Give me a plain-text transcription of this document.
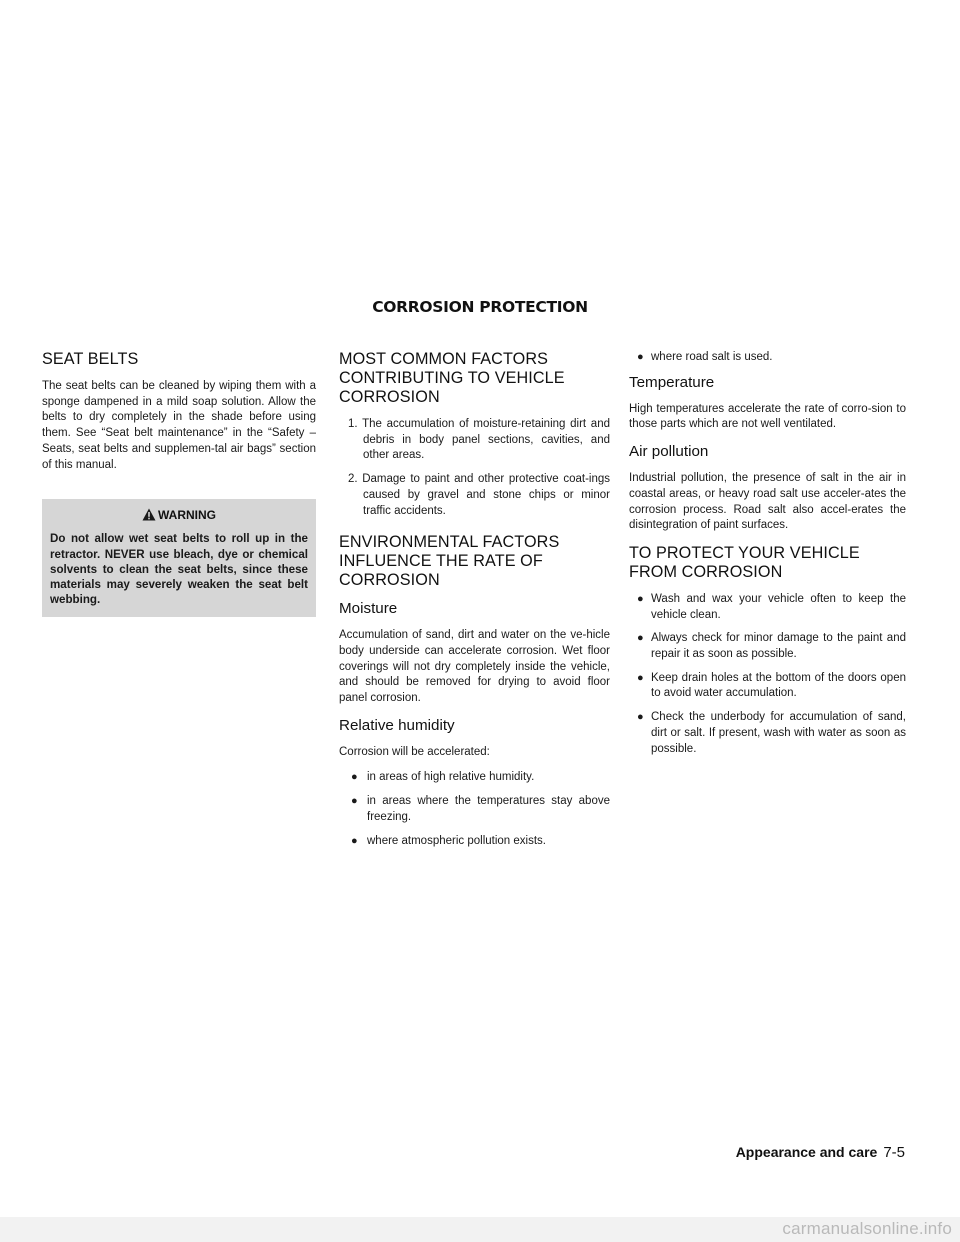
CORROSION PROTECTION
SEAT BELTS

The seat belts can be cleaned by wiping them with a sponge dampened in a mild soap solution. Allow the belts to dry completely in the shade before using them. See “Seat belt maintenance” in the “Safety – Seats, seat belts and supplemen-tal air bags” section of this manual.

WARNING
Do not allow wet seat belts to roll up in the retractor. NEVER use bleach, dye or chemical solvents to clean the seat belts, since these materials may severely weaken the seat belt webbing.
MOST COMMON FACTORS CONTRIBUTING TO VEHICLE CORROSION
1. The accumulation of moisture-retaining dirt and debris in body panel sections, cavities, and other areas.
2. Damage to paint and other protective coat-ings caused by gravel and stone chips or minor traffic accidents.
ENVIRONMENTAL FACTORS INFLUENCE THE RATE OF CORROSION
Moisture

Accumulation of sand, dirt and water on the ve-hicle body underside can accelerate corrosion. Wet floor coverings will not dry completely inside the vehicle, and should be removed for drying to avoid floor panel corrosion.

Relative humidity

Corrosion will be accelerated:

● in areas of high relative humidity.
● in areas where the temperatures stay above freezing.
● where atmospheric pollution exists.
● where road salt is used.
Temperature

High temperatures accelerate the rate of corro-sion to those parts which are not well ventilated.

Air pollution

Industrial pollution, the presence of salt in the air in coastal areas, or heavy road salt use acceler-ates the corrosion process. Road salt also accel-erates the disintegration of paint surfaces.

TO PROTECT YOUR VEHICLE FROM CORROSION
● Wash and wax your vehicle often to keep the vehicle clean.
● Always check for minor damage to the paint and repair it as soon as possible.
● Keep drain holes at the bottom of the doors open to avoid water accumulation.
● Check the underbody for accumulation of sand, dirt or salt. If present, wash with water as soon as possible.
Appearance and care 7-5
carmanualsonline.info
